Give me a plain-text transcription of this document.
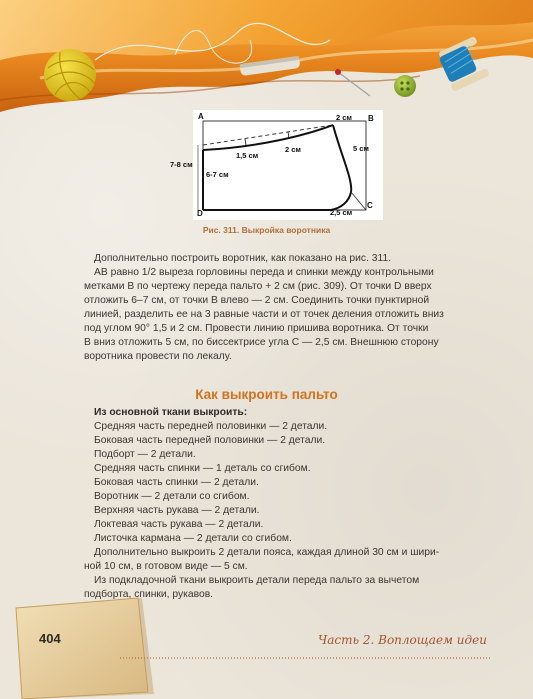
A	B
C
D
2 см
7-8 см
1,5 см
2 см	5 см
6-7 см
2,5 см
Рис. 311. Выкройка воротника
Дополнительно построить воротник, как показано на рис. 311.
АВ равно 1/2 выреза горловины переда и спинки между контрольными
метками В по чертежу переда пальто + 2 см (рис. 309). От точки D вверх
отложить 6–7 см, от точки В влево — 2 см. Соединить точки пунктирной
линией, разделить ее на 3 равные части и от точек деления отложить вниз
под углом 90° 1,5 и 2 см. Провести линию пришива воротника. От точки
В вниз отложить 5 см, по биссектрисе угла С — 2,5 см. Внешнюю сторону
воротника провести по лекалу.
Как выкроить пальто
Из основной ткани выкроить:
Средняя часть передней половинки — 2 детали.
Боковая часть передней половинки — 2 детали.
Подборт — 2 детали.
Средняя часть спинки — 1 деталь со сгибом.
Боковая часть спинки — 2 детали.
Воротник — 2 детали со сгибом.
Верхняя часть рукава — 2 детали.
Локтевая часть рукава — 2 детали.
Листочка кармана — 2 детали со сгибом.
Дополнительно выкроить 2 детали пояса, каждая длиной 30 см и шири-
ной 10 см, в готовом виде — 5 см.
Из подкладочной ткани выкроить детали переда пальто за вычетом
подборта, спинки, рукавов.
404	Часть 2. Воплощаем идеи
